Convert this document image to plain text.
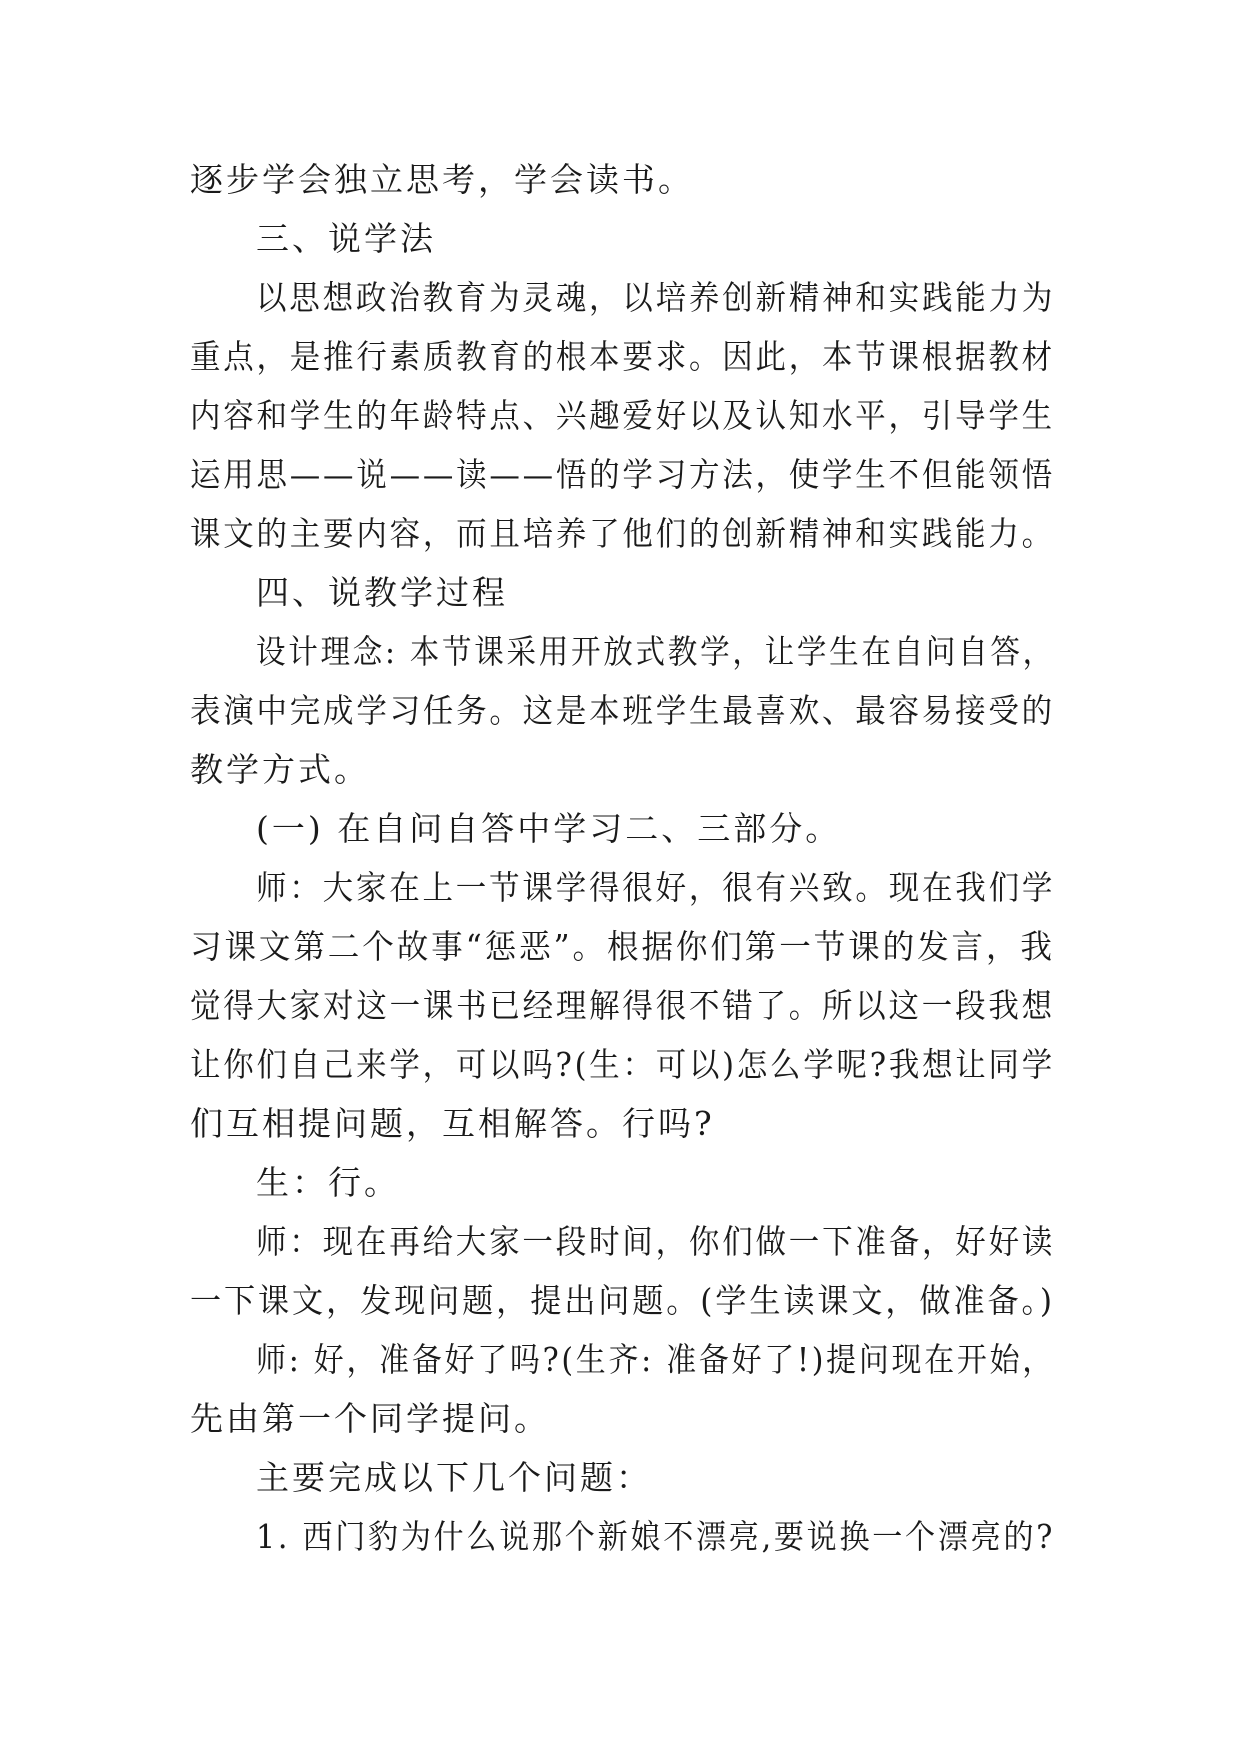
逐步学会独立思考，学会读书。
三、说学法
以思想政治教育为灵魂，以培养创新精神和实践能力为
重点，是推行素质教育的根本要求。因此，本节课根据教材
内容和学生的年龄特点、兴趣爱好以及认知水平，引导学生
运用思——说——读——悟的学习方法，使学生不但能领悟
课文的主要内容，而且培养了他们的创新精神和实践能力。
四、说教学过程
设计理念: 本节课采用开放式教学，让学生在自问自答，
表演中完成学习任务。这是本班学生最喜欢、最容易接受的
教学方式。
(一) 在自问自答中学习二、三部分。
师：大家在上一节课学得很好，很有兴致。现在我们学
习课文第二个故事“惩恶”。根据你们第一节课的发言，我
觉得大家对这一课书已经理解得很不错了。所以这一段我想
让你们自己来学，可以吗?(生：可以)怎么学呢?我想让同学
们互相提问题，互相解答。行吗?
生：行。
师：现在再给大家一段时间，你们做一下准备，好好读
一下课文，发现问题，提出问题。(学生读课文，做准备。)
师: 好，准备好了吗?(生齐: 准备好了!)提问现在开始，
先由第一个同学提问。
主要完成以下几个问题：
1. 西门豹为什么说那个新娘不漂亮,要说换一个漂亮的?
